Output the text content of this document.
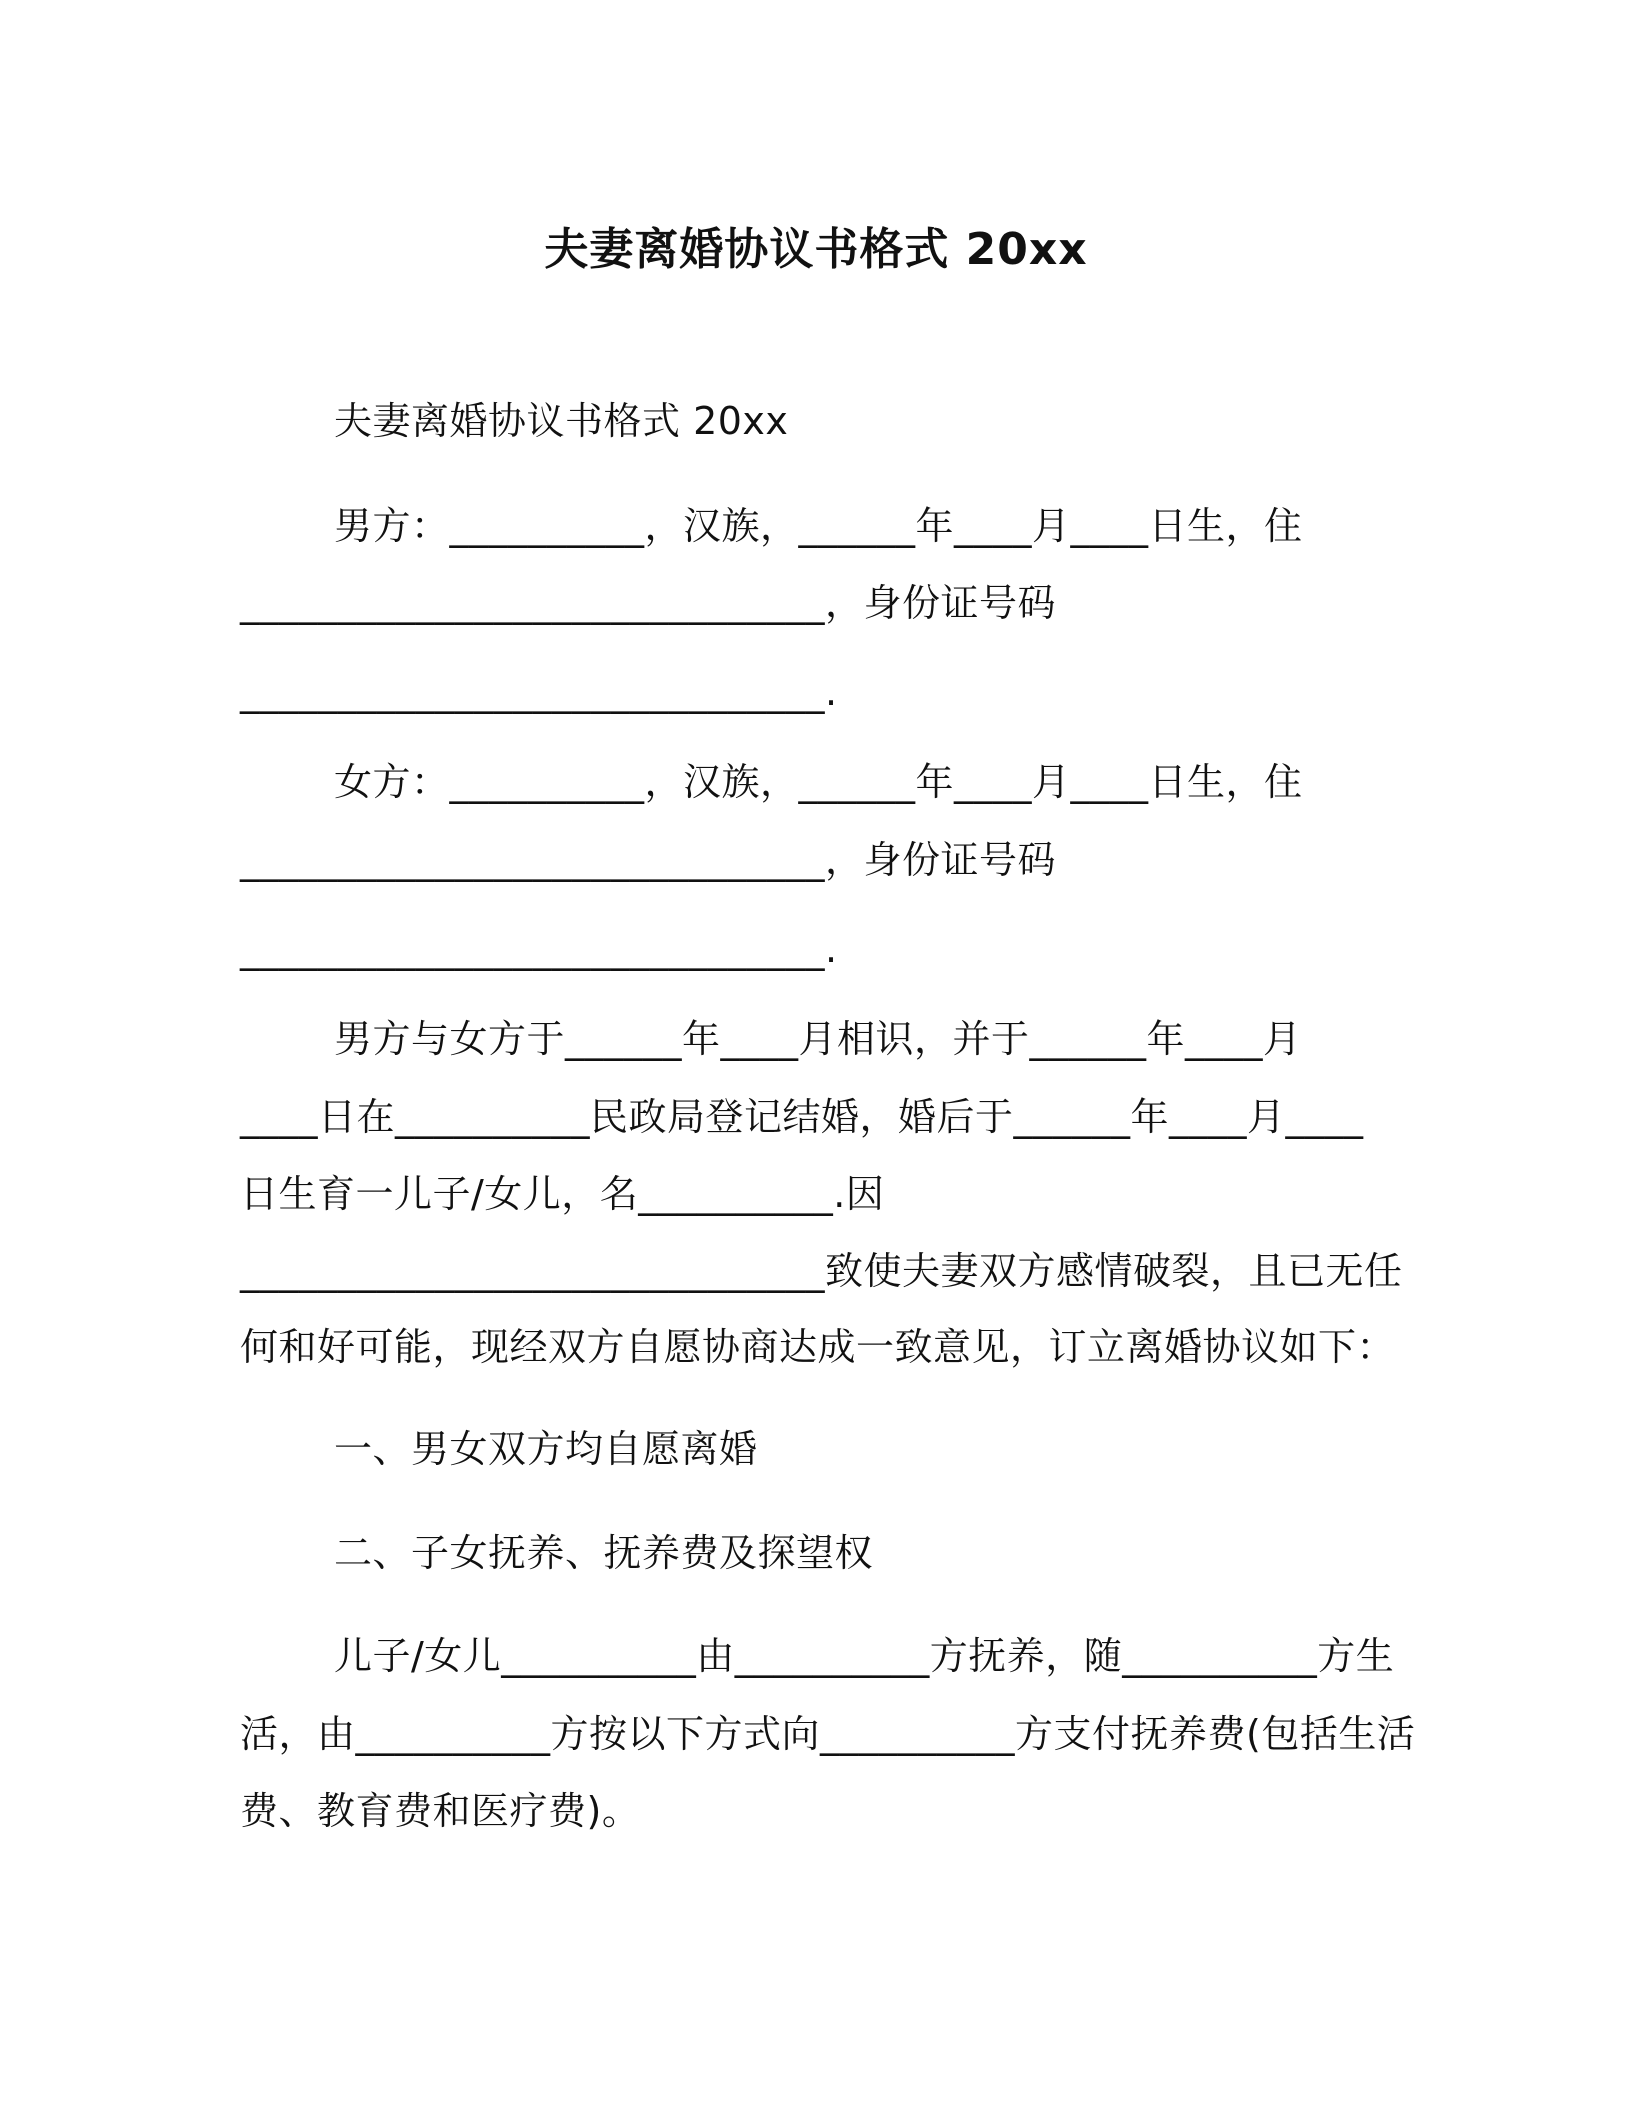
夫妻离婚协议书格式 20xx
夫妻离婚协议书格式 20xx
男方：__________，汉族，______年____月____日生，住
______________________________，身份证号码
______________________________.
女方：__________，汉族，______年____月____日生，住
______________________________，身份证号码
______________________________.
男方与女方于______年____月相识，并于______年____月
____日在__________民政局登记结婚，婚后于______年____月____
日生育一儿子/女儿，名__________.因
______________________________致使夫妻双方感情破裂，且已无任
何和好可能，现经双方自愿协商达成一致意见，订立离婚协议如下：
一、男女双方均自愿离婚
二、子女抚养、抚养费及探望权
儿子/女儿__________由__________方抚养，随__________方生
活，由__________方按以下方式向__________方支付抚养费(包括生活
费、教育费和医疗费)。
